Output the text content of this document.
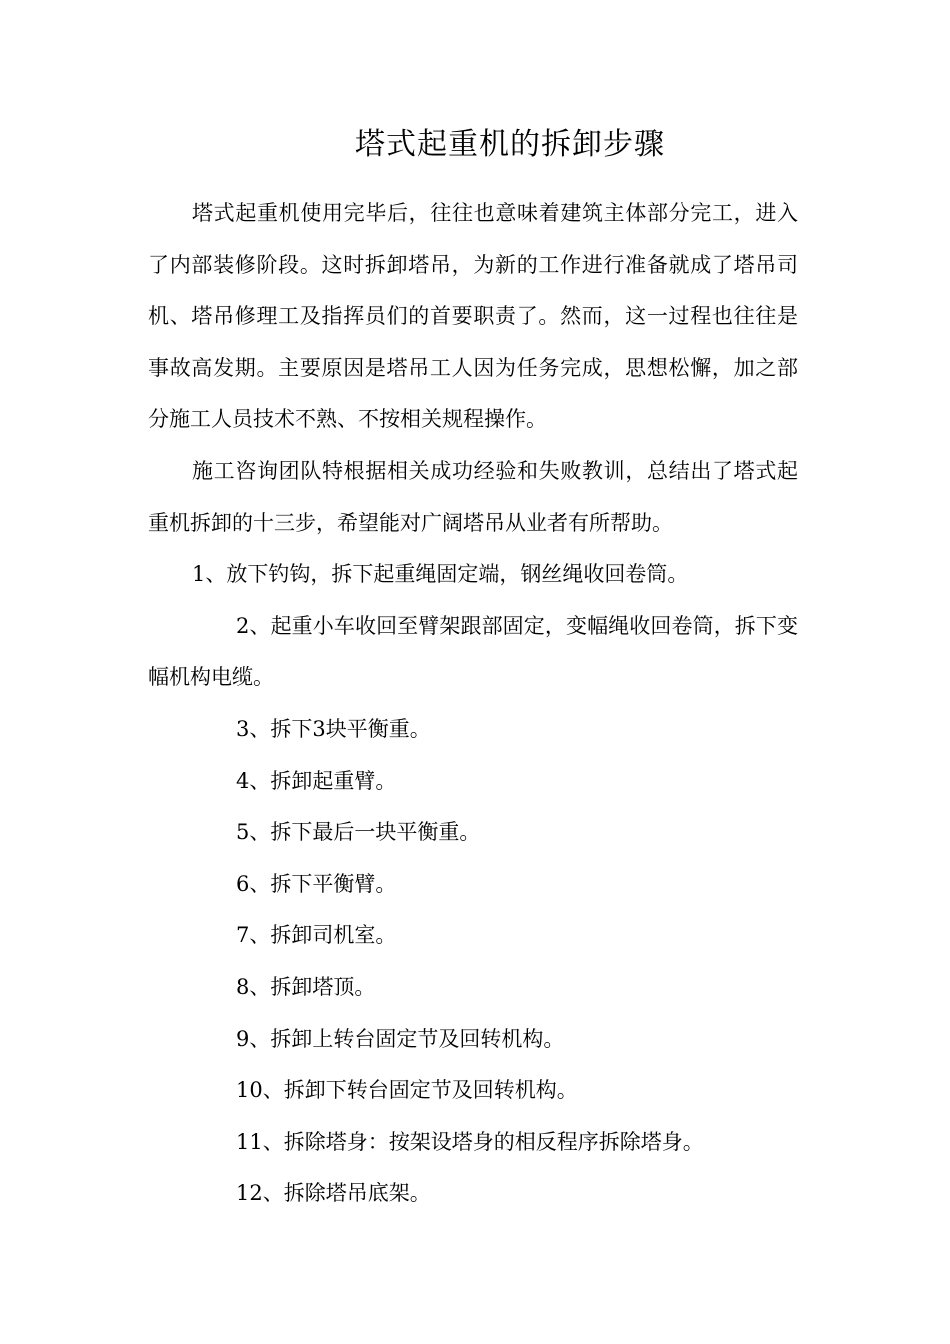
塔式起重机的拆卸步骤

塔式起重机使用完毕后，往往也意味着建筑主体部分完工，进入了内部装修阶段。这时拆卸塔吊，为新的工作进行准备就成了塔吊司机、塔吊修理工及指挥员们的首要职责了。然而，这一过程也往往是事故高发期。主要原因是塔吊工人因为任务完成，思想松懈，加之部分施工人员技术不熟、不按相关规程操作。

施工咨询团队特根据相关成功经验和失败教训，总结出了塔式起重机拆卸的十三步，希望能对广阔塔吊从业者有所帮助。

1、放下钓钩，拆下起重绳固定端，钢丝绳收回卷筒。
2、起重小车收回至臂架跟部固定，变幅绳收回卷筒，拆下变幅机构电缆。
3、拆下3块平衡重。
4、拆卸起重臂。
5、拆下最后一块平衡重。
6、拆下平衡臂。
7、拆卸司机室。
8、拆卸塔顶。
9、拆卸上转台固定节及回转机构。
10、拆卸下转台固定节及回转机构。
11、拆除塔身：按架设塔身的相反程序拆除塔身。
12、拆除塔吊底架。
